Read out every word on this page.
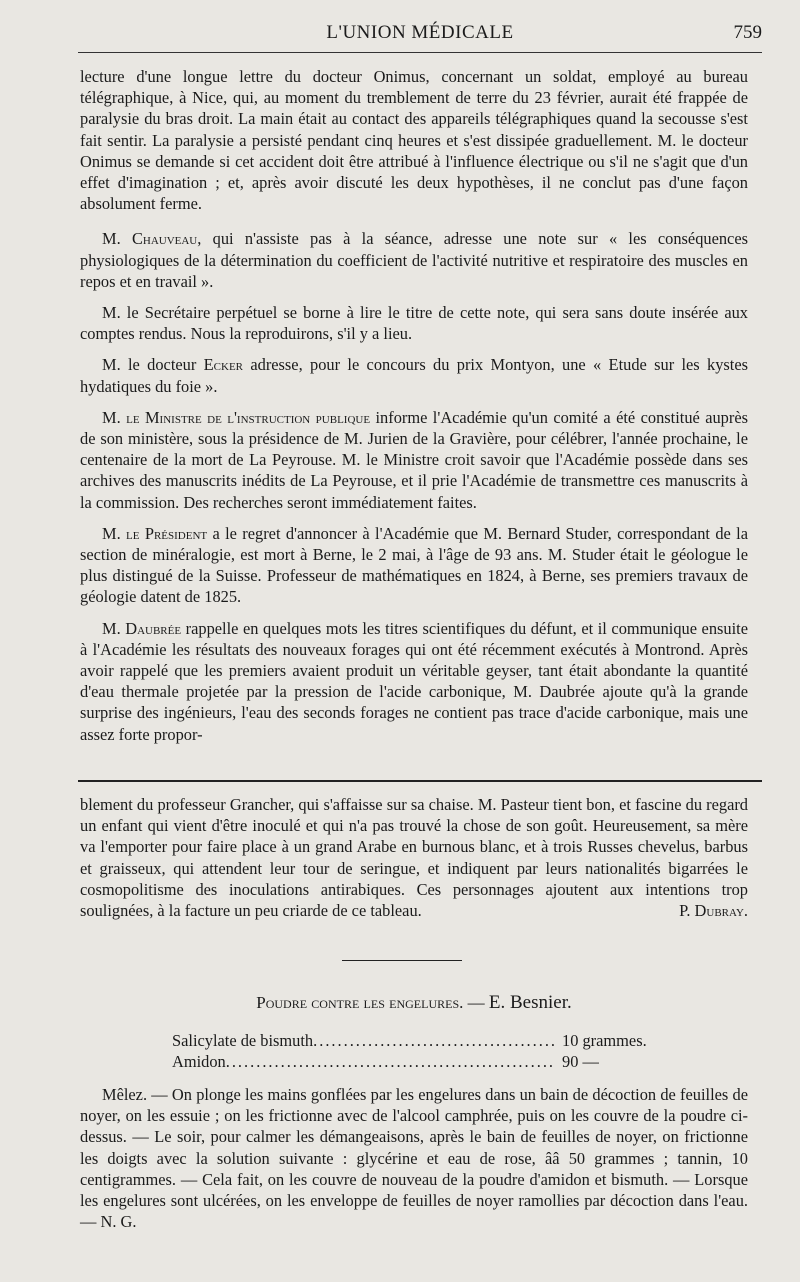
L'UNION MÉDICALE	759

lecture d'une longue lettre du docteur Onimus, concernant un soldat, employé au bureau télégraphique, à Nice, qui, au moment du tremblement de terre du 23 février, aurait été frappée de paralysie du bras droit. La main était au contact des appareils télégraphiques quand la secousse s'est fait sentir. La paralysie a persisté pendant cinq heures et s'est dissipée graduellement. M. le docteur Onimus se demande si cet accident doit être attribué à l'influence électrique ou s'il ne s'agit que d'un effet d'imagination ; et, après avoir discuté les deux hypothèses, il ne conclut pas d'une façon absolument ferme.

M. Chauveau, qui n'assiste pas à la séance, adresse une note sur « les conséquences physiologiques de la détermination du coefficient de l'activité nutritive et respiratoire des muscles en repos et en travail ».

M. le Secrétaire perpétuel se borne à lire le titre de cette note, qui sera sans doute insérée aux comptes rendus. Nous la reproduirons, s'il y a lieu.

M. le docteur Ecker adresse, pour le concours du prix Montyon, une « Etude sur les kystes hydatiques du foie ».

M. le Ministre de l'instruction publique informe l'Académie qu'un comité a été constitué auprès de son ministère, sous la présidence de M. Jurien de la Gravière, pour célébrer, l'année prochaine, le centenaire de la mort de La Peyrouse. M. le Ministre croit savoir que l'Académie possède dans ses archives des manuscrits inédits de La Peyrouse, et il prie l'Académie de transmettre ces manuscrits à la commission. Des recherches seront immédiatement faites.

M. le Président a le regret d'annoncer à l'Académie que M. Bernard Studer, correspondant de la section de minéralogie, est mort à Berne, le 2 mai, à l'âge de 93 ans. M. Studer était le géologue le plus distingué de la Suisse. Professeur de mathématiques en 1824, à Berne, ses premiers travaux de géologie datent de 1825.

M. Daubrée rappelle en quelques mots les titres scientifiques du défunt, et il communique ensuite à l'Académie les résultats des nouveaux forages qui ont été récemment exécutés à Montrond. Après avoir rappelé que les premiers avaient produit un véritable geyser, tant était abondante la quantité d'eau thermale projetée par la pression de l'acide carbonique, M. Daubrée ajoute qu'à la grande surprise des ingénieurs, l'eau des seconds forages ne contient pas trace d'acide carbonique, mais une assez forte propor-

blement du professeur Grancher, qui s'affaisse sur sa chaise. M. Pasteur tient bon, et fascine du regard un enfant qui vient d'être inoculé et qui n'a pas trouvé la chose de son goût. Heureusement, sa mère va l'emporter pour faire place à un grand Arabe en burnous blanc, et à trois Russes chevelus, barbus et graisseux, qui attendent leur tour de seringue, et indiquent par leurs nationalités bigarrées le cosmopolitisme des inoculations antirabiques. Ces personnages ajoutent aux intentions trop soulignées, à la facture un peu criarde de ce tableau.	P. Dubray.

Poudre contre les engelures. — E. Besnier.
Salicylate de bismuth .....	10 grammes.
Amidon .....	90 —

Mêlez. — On plonge les mains gonflées par les engelures dans un bain de décoction de feuilles de noyer, on les essuie ; on les frictionne avec de l'alcool camphrée, puis on les couvre de la poudre ci-dessus. — Le soir, pour calmer les démangeaisons, après le bain de feuilles de noyer, on frictionne les doigts avec la solution suivante : glycérine et eau de rose, ââ 50 grammes ; tannin, 10 centigrammes. — Cela fait, on les couvre de nouveau de la poudre d'amidon et bismuth. — Lorsque les engelures sont ulcérées, on les enveloppe de feuilles de noyer ramollies par décoction dans l'eau. — N. G.
